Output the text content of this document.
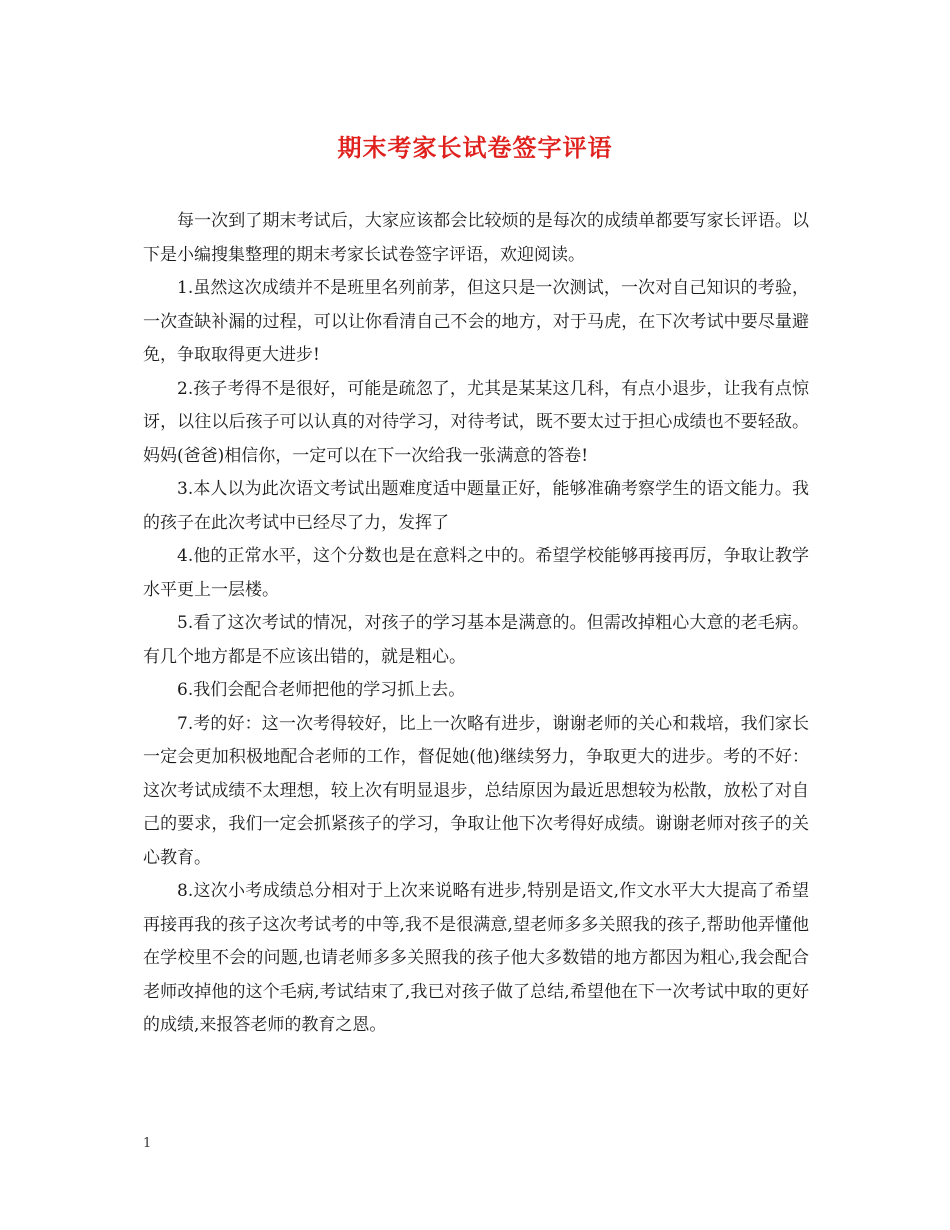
期末考家长试卷签字评语

每一次到了期末考试后，大家应该都会比较烦的是每次的成绩单都要写家长评语。以下是小编搜集整理的期末考家长试卷签字评语，欢迎阅读。

1.虽然这次成绩并不是班里名列前茅，但这只是一次测试，一次对自己知识的考验，一次查缺补漏的过程，可以让你看清自己不会的地方，对于马虎，在下次考试中要尽量避免，争取取得更大进步!

2.孩子考得不是很好，可能是疏忽了，尤其是某某这几科，有点小退步，让我有点惊讶，以往以后孩子可以认真的对待学习，对待考试，既不要太过于担心成绩也不要轻敌。妈妈(爸爸)相信你，一定可以在下一次给我一张满意的答卷!

3.本人以为此次语文考试出题难度适中题量正好，能够准确考察学生的语文能力。我的孩子在此次考试中已经尽了力，发挥了

4.他的正常水平，这个分数也是在意料之中的。希望学校能够再接再厉，争取让教学水平更上一层楼。

5.看了这次考试的情况，对孩子的学习基本是满意的。但需改掉粗心大意的老毛病。有几个地方都是不应该出错的，就是粗心。

6.我们会配合老师把他的学习抓上去。

7.考的好：这一次考得较好，比上一次略有进步，谢谢老师的关心和栽培，我们家长一定会更加积极地配合老师的工作，督促她(他)继续努力，争取更大的进步。考的不好：这次考试成绩不太理想，较上次有明显退步，总结原因为最近思想较为松散，放松了对自己的要求，我们一定会抓紧孩子的学习，争取让他下次考得好成绩。谢谢老师对孩子的关心教育。

8.这次小考成绩总分相对于上次来说略有进步,特别是语文,作文水平大大提高了希望再接再我的孩子这次考试考的中等,我不是很满意,望老师多多关照我的孩子,帮助他弄懂他在学校里不会的问题,也请老师多多关照我的孩子他大多数错的地方都因为粗心,我会配合老师改掉他的这个毛病,考试结束了,我已对孩子做了总结,希望他在下一次考试中取的更好的成绩,来报答老师的教育之恩。

1
